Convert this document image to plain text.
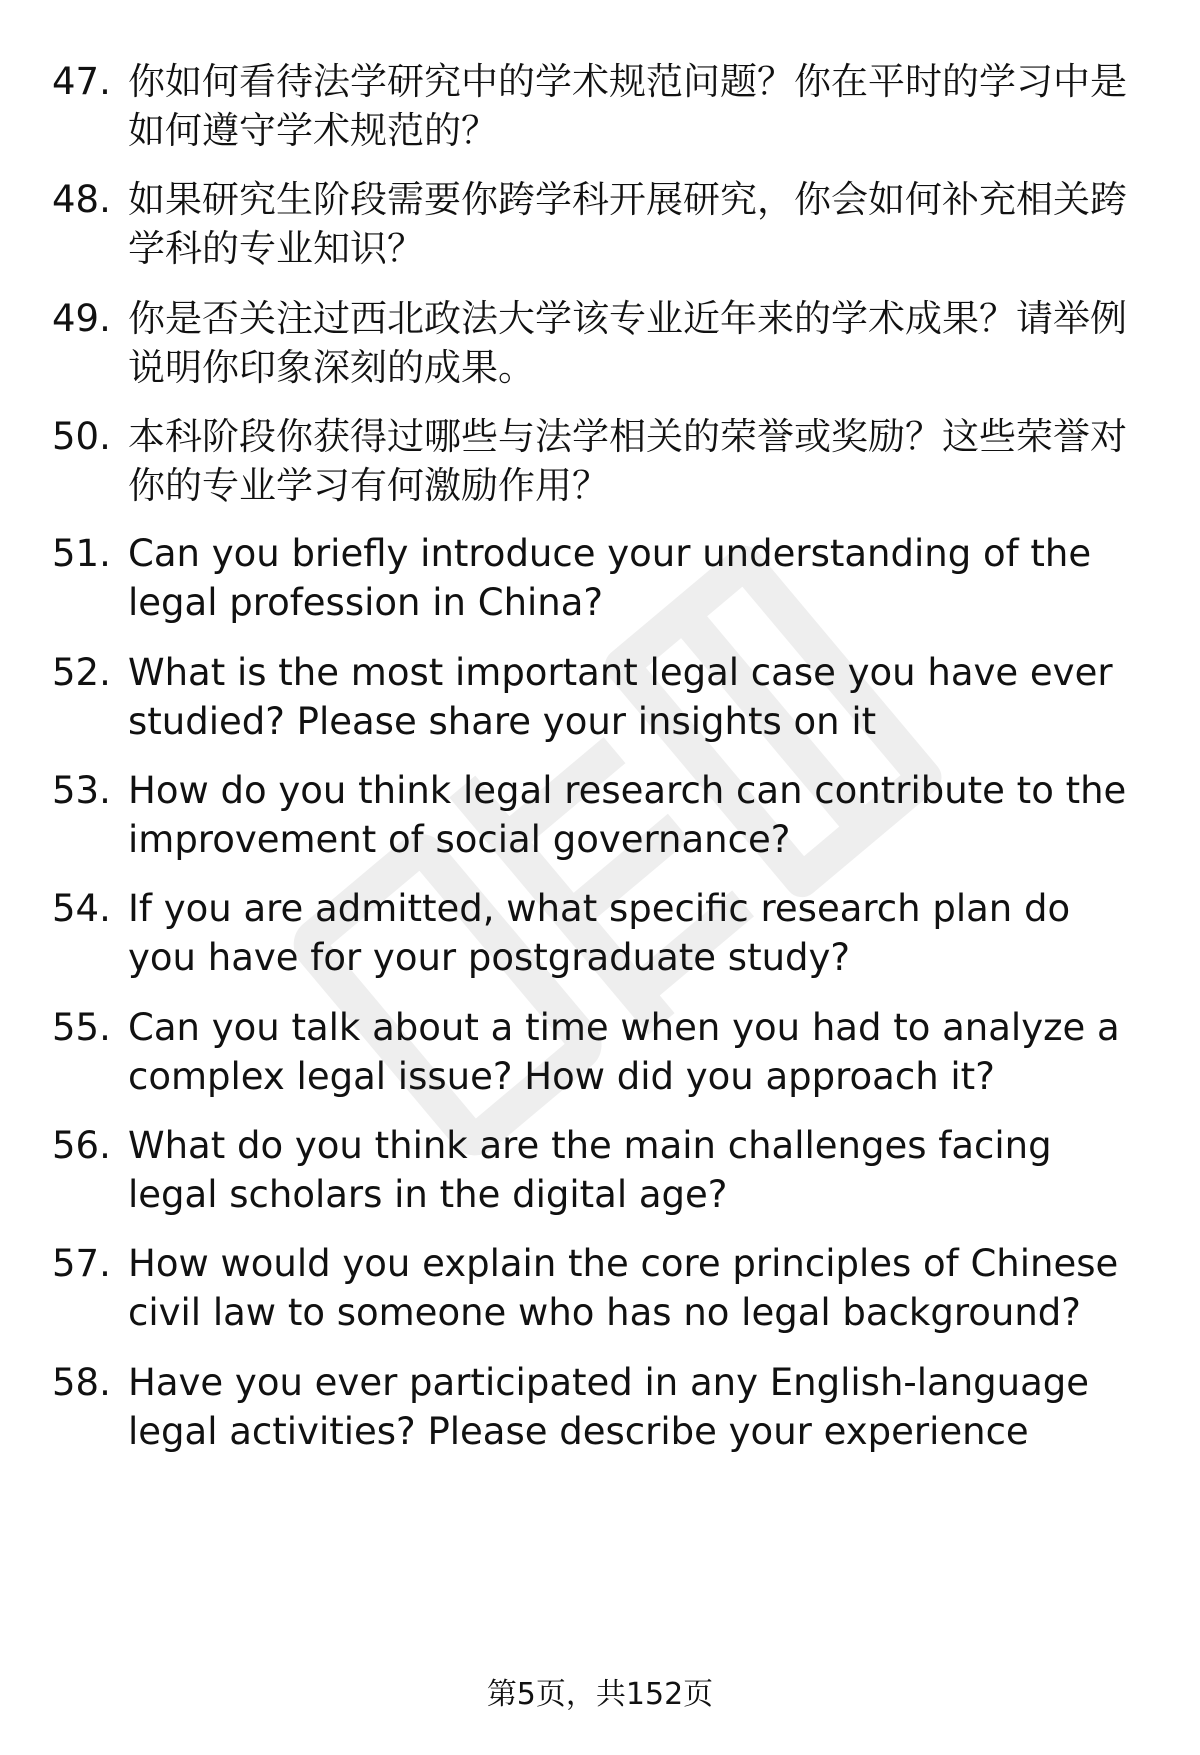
47. 你如何看待法学研究中的学术规范问题？你在平时的学习中是如何遵守学术规范的？
48. 如果研究生阶段需要你跨学科开展研究，你会如何补充相关跨学科的专业知识？
49. 你是否关注过西北政法大学该专业近年来的学术成果？请举例说明你印象深刻的成果。
50. 本科阶段你获得过哪些与法学相关的荣誉或奖励？这些荣誉对你的专业学习有何激励作用？
51. Can you briefly introduce your understanding of the legal profession in China?
52. What is the most important legal case you have ever studied? Please share your insights on it
53. How do you think legal research can contribute to the improvement of social governance?
54. If you are admitted, what specific research plan do you have for your postgraduate study?
55. Can you talk about a time when you had to analyze a complex legal issue? How did you approach it?
56. What do you think are the main challenges facing legal scholars in the digital age?
57. How would you explain the core principles of Chinese civil law to someone who has no legal background?
58. Have you ever participated in any English-language legal activities? Please describe your experience
第5页，共152页
